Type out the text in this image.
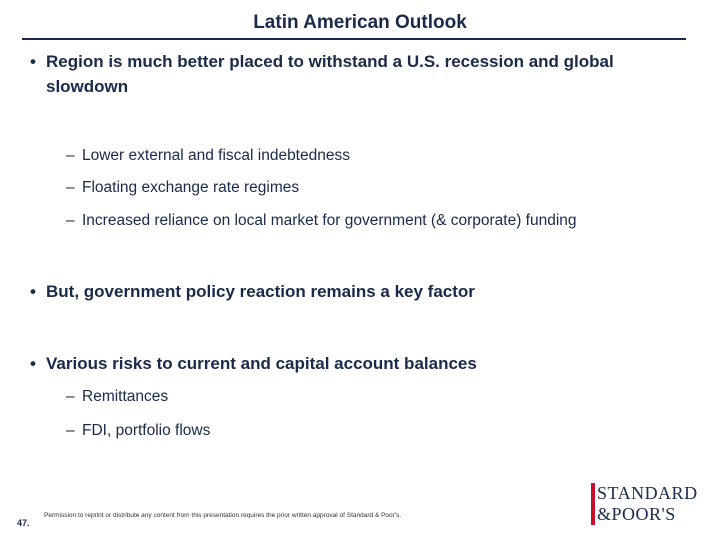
Latin American Outlook
• Region is much better placed to withstand a U.S. recession and global slowdown
– Lower external and fiscal indebtedness
– Floating exchange rate regimes
– Increased reliance on local market for government (& corporate) funding
• But, government policy reaction remains a key factor
• Various risks to current and capital account balances
– Remittances
– FDI, portfolio flows
47.
Permission to reprint or distribute any content from this presentation requires the prior written approval of Standard & Poor's.
STANDARD
&POOR'S
